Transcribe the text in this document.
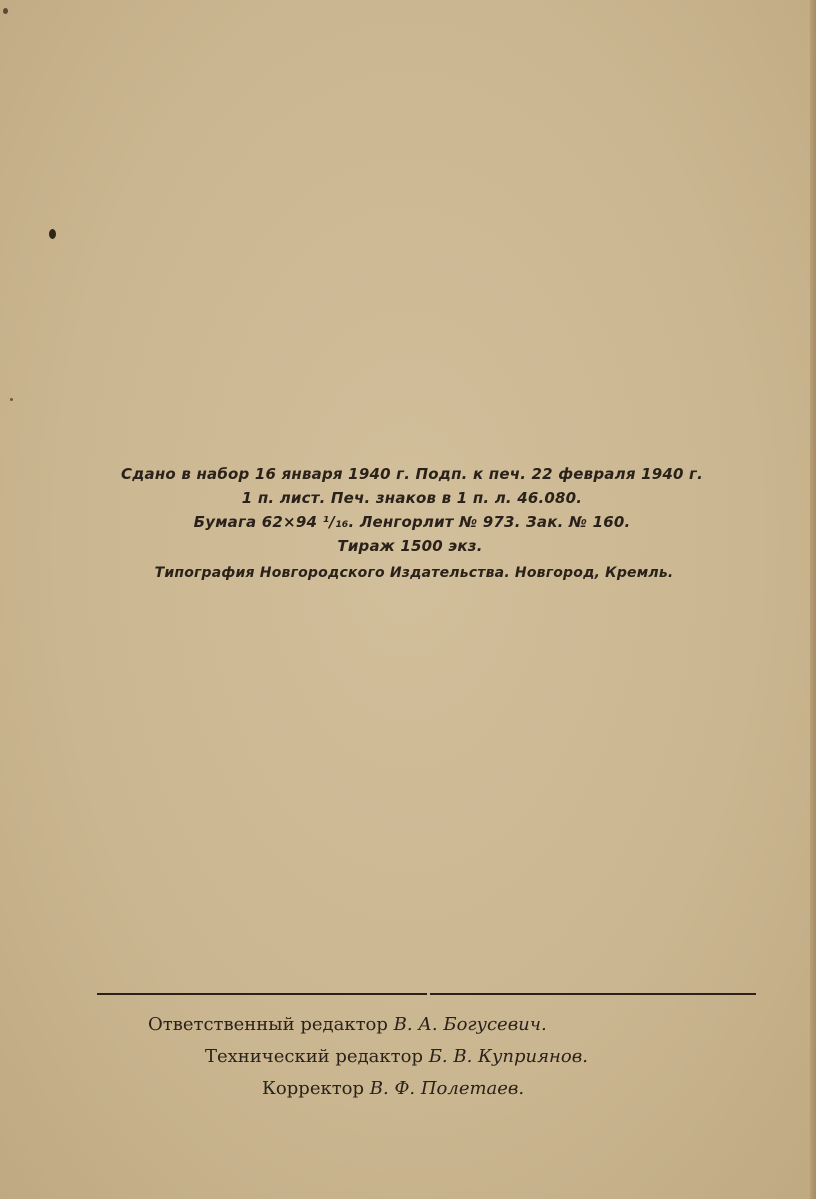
Сдано в набор 16 января 1940 г. Подп. к печ. 22 февраля 1940 г.
1 п. лист. Печ. знаков в 1 п. л. 46.080.
Бумага 62×94 ¹/₁₆. Ленгорлит № 973. Зак. № 160.
Тираж 1500 экз.
Типография Новгородского Издательства. Новгород, Кремль.
Ответственный редактор В. А. Богусевич.
Технический редактор Б. В. Куприянов.
Корректор В. Ф. Полетаев.
